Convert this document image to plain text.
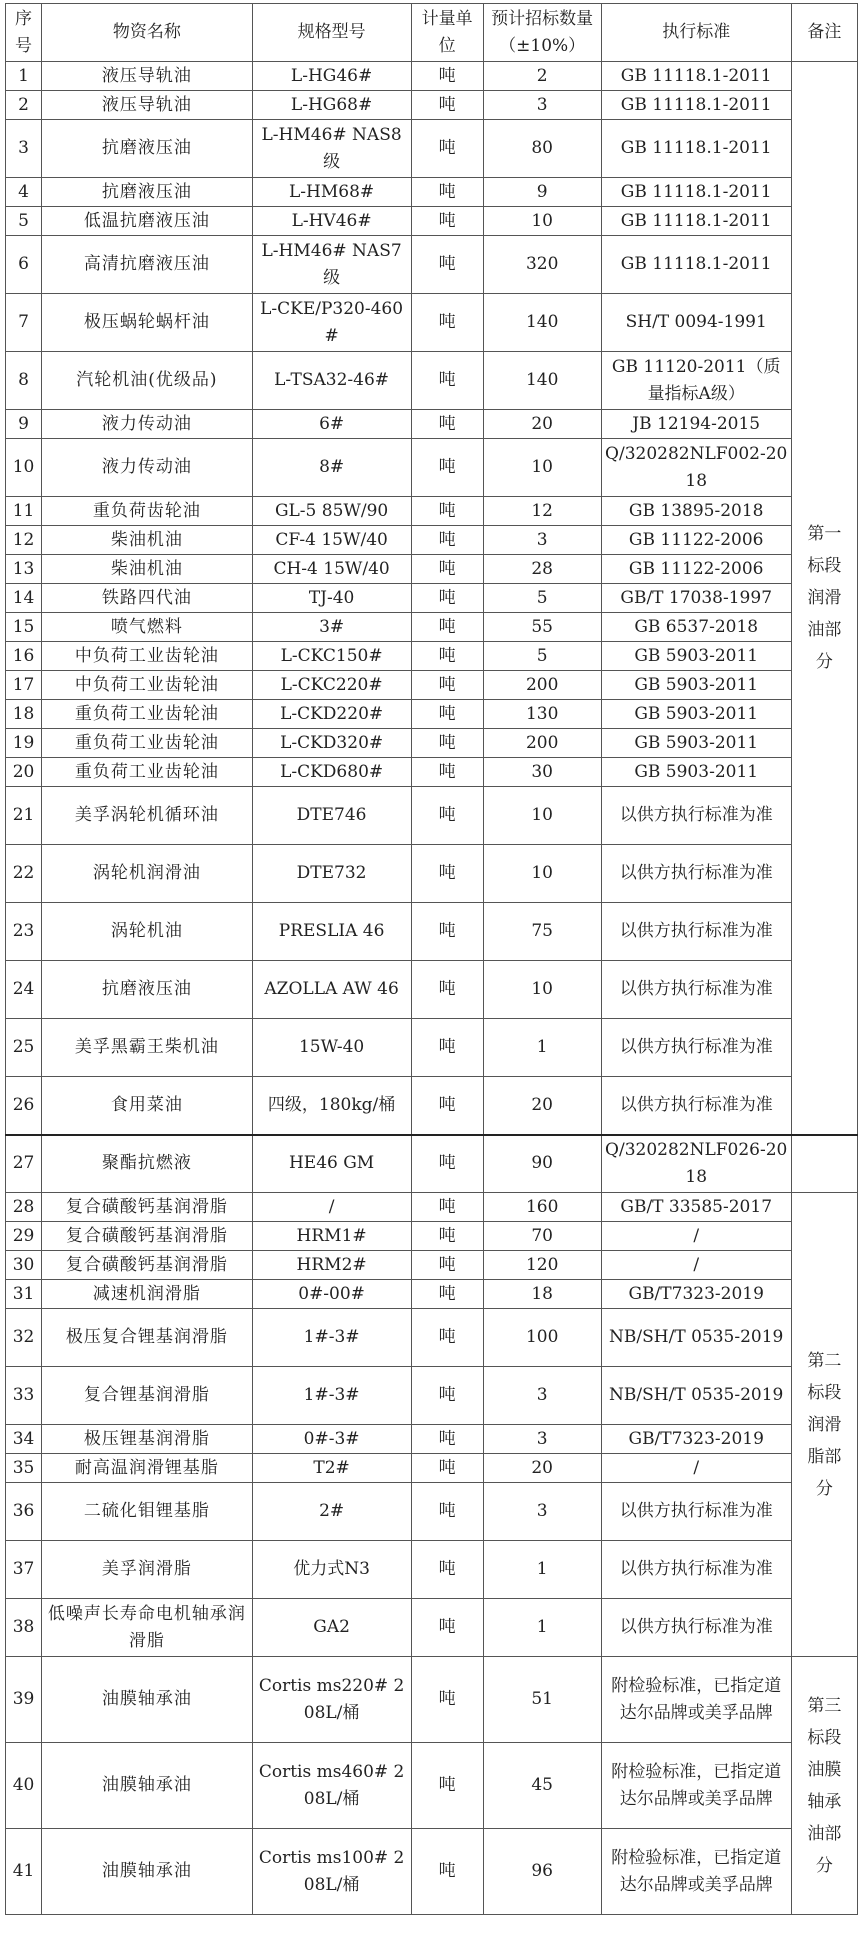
序号	物资名称	规格型号	计量单位	预计招标数量（±10%）	执行标准	备注
1	液压导轨油	L-HG46#	吨	2	GB 11118.1-2011	第一标段润滑油部分
2	液压导轨油	L-HG68#	吨	3	GB 11118.1-2011	
3	抗磨液压油	L-HM46# NAS8级	吨	80	GB 11118.1-2011	
4	抗磨液压油	L-HM68#	吨	9	GB 11118.1-2011	
5	低温抗磨液压油	L-HV46#	吨	10	GB 11118.1-2011	
6	高清抗磨液压油	L-HM46# NAS7级	吨	320	GB 11118.1-2011	
7	极压蜗轮蜗杆油	L-CKE/P320-460#	吨	140	SH/T 0094-1991	
8	汽轮机油(优级品)	L-TSA32-46#	吨	140	GB 11120-2011（质量指标A级）	
9	液力传动油	6#	吨	20	JB 12194-2015	
10	液力传动油	8#	吨	10	Q/320282NLF002-2018	
11	重负荷齿轮油	GL-5 85W/90	吨	12	GB 13895-2018	
12	柴油机油	CF-4 15W/40	吨	3	GB 11122-2006	
13	柴油机油	CH-4 15W/40	吨	28	GB 11122-2006	
14	铁路四代油	TJ-40	吨	5	GB/T 17038-1997	
15	喷气燃料	3#	吨	55	GB 6537-2018	
16	中负荷工业齿轮油	L-CKC150#	吨	5	GB 5903-2011	
17	中负荷工业齿轮油	L-CKC220#	吨	200	GB 5903-2011	
18	重负荷工业齿轮油	L-CKD220#	吨	130	GB 5903-2011	
19	重负荷工业齿轮油	L-CKD320#	吨	200	GB 5903-2011	
20	重负荷工业齿轮油	L-CKD680#	吨	30	GB 5903-2011	
21	美孚涡轮机循环油	DTE746	吨	10	以供方执行标准为准	
22	涡轮机润滑油	DTE732	吨	10	以供方执行标准为准	
23	涡轮机油	PRESLIA 46	吨	75	以供方执行标准为准	
24	抗磨液压油	AZOLLA AW 46	吨	10	以供方执行标准为准	
25	美孚黑霸王柴机油	15W-40	吨	1	以供方执行标准为准	
26	食用菜油	四级，180kg/桶	吨	20	以供方执行标准为准	
27	聚酯抗燃液	HE46 GM	吨	90	Q/320282NLF026-2018	
28	复合磺酸钙基润滑脂	/	吨	160	GB/T 33585-2017	第二标段润滑脂部分
29	复合磺酸钙基润滑脂	HRM1#	吨	70	/	
30	复合磺酸钙基润滑脂	HRM2#	吨	120	/	
31	减速机润滑脂	0#-00#	吨	18	GB/T7323-2019	
32	极压复合锂基润滑脂	1#-3#	吨	100	NB/SH/T 0535-2019	
33	复合锂基润滑脂	1#-3#	吨	3	NB/SH/T 0535-2019	
34	极压锂基润滑脂	0#-3#	吨	3	GB/T7323-2019	
35	耐高温润滑锂基脂	T2#	吨	20	/	
36	二硫化钼锂基脂	2#	吨	3	以供方执行标准为准	
37	美孚润滑脂	优力式N3	吨	1	以供方执行标准为准	
38	低噪声长寿命电机轴承润滑脂	GA2	吨	1	以供方执行标准为准	
39	油膜轴承油	Cortis ms220# 208L/桶	吨	51	附检验标准，已指定道达尔品牌或美孚品牌	第三标段油膜轴承油部分
40	油膜轴承油	Cortis ms460# 208L/桶	吨	45	附检验标准，已指定道达尔品牌或美孚品牌	
41	油膜轴承油	Cortis ms100# 208L/桶	吨	96	附检验标准，已指定道达尔品牌或美孚品牌	
